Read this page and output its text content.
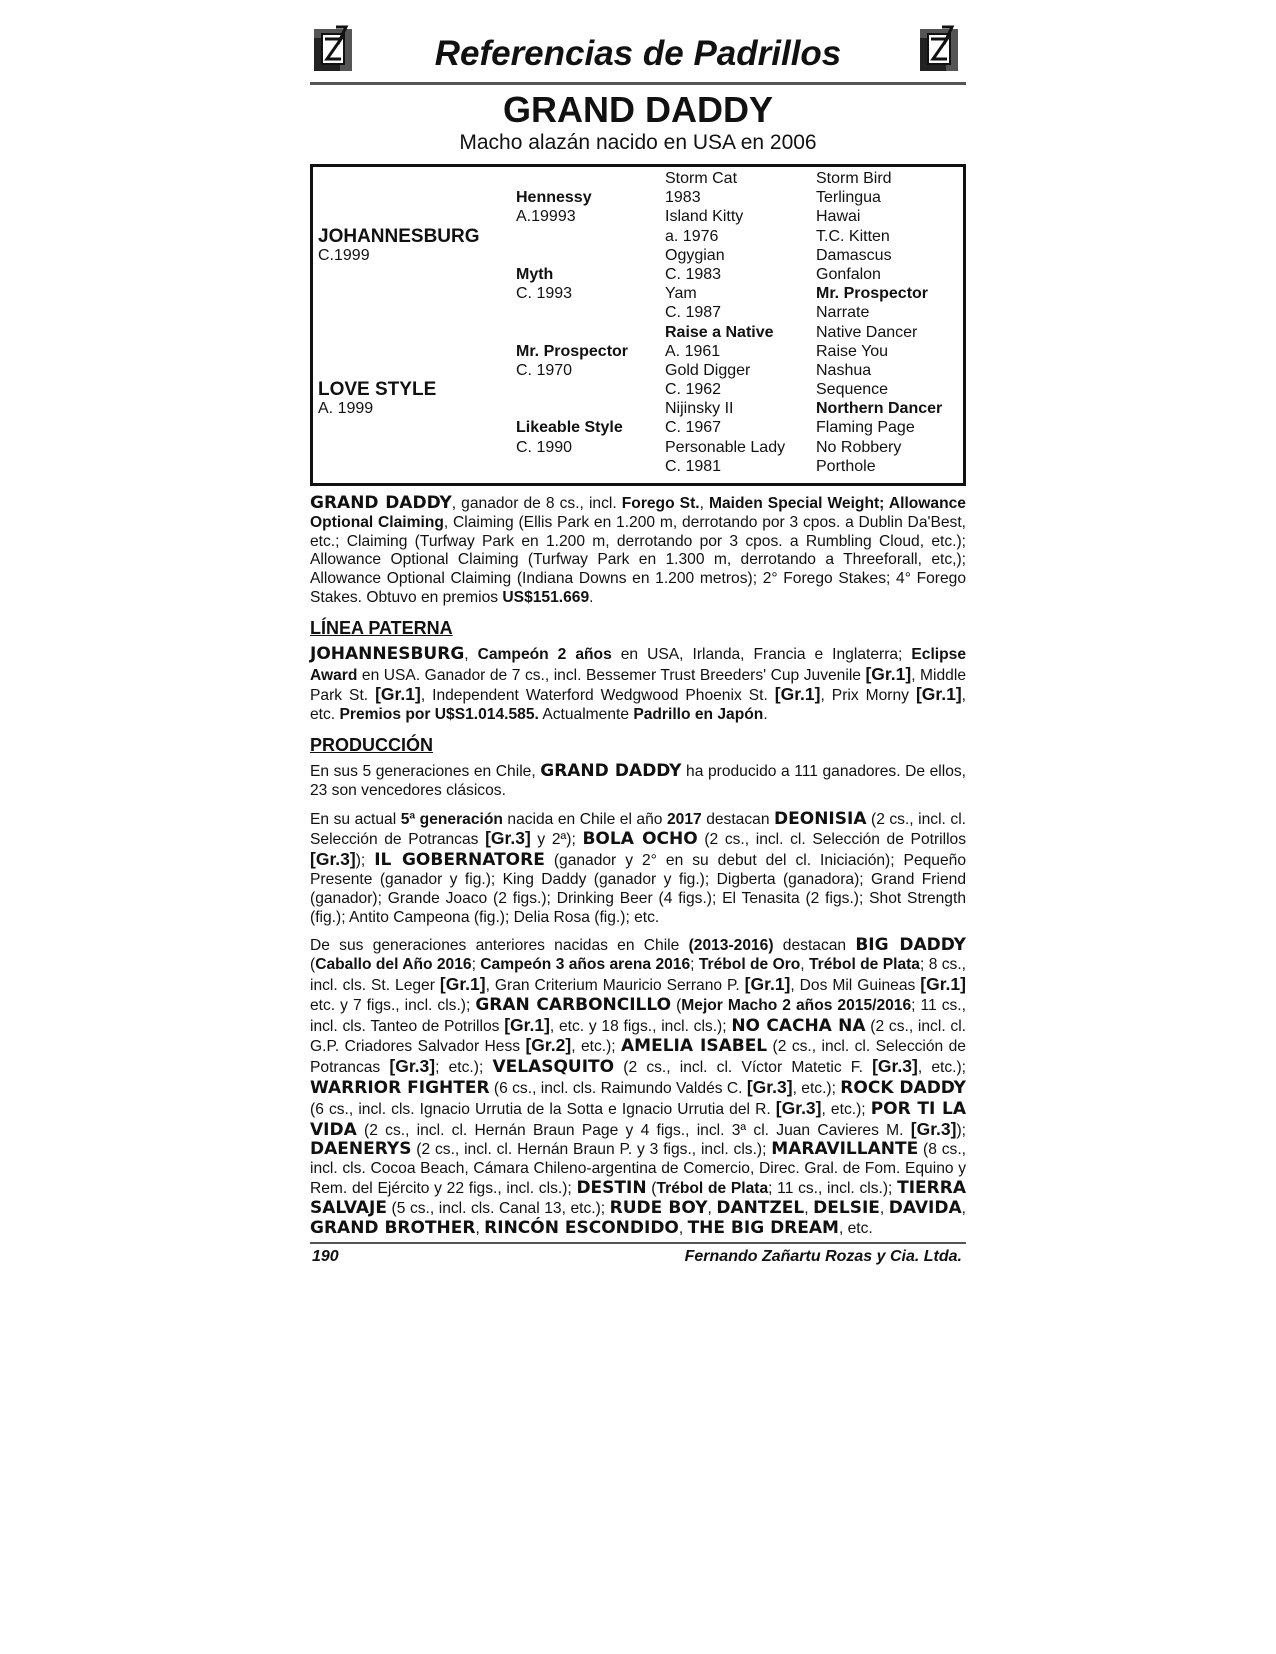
Referencias de Padrillos
GRAND DADDY
Macho alazán nacido en USA en 2006
JOHANNESBURG
C.1999
LOVE STYLE
A. 1999
Hennessy
A.19993
Myth
C. 1993
Mr. Prospector
C. 1970
Likeable Style
C. 1990
Storm Cat
1983
Island Kitty
a. 1976
Ogygian
C. 1983
Yam
C. 1987
Raise a Native
A. 1961
Gold Digger
C. 1962
Nijinsky II
C. 1967
Personable Lady
C. 1981
Storm Bird
Terlingua
Hawai
T.C. Kitten
Damascus
Gonfalon
Mr. Prospector
Narrate
Native Dancer
Raise You
Nashua
Sequence
Northern Dancer
Flaming Page
No Robbery
Porthole

GRAND DADDY, ganador de 8 cs., incl. Forego St., Maiden Special Weight; Allowance Optional Claiming, Claiming (Ellis Park en 1.200 m, derrotando por 3 cpos. a Dublin Da'Best, etc.; Claiming (Turfway Park en 1.200 m, derrotando por 3 cpos. a Rumbling Cloud, etc.); Allowance Optional Claiming (Turfway Park en 1.300 m, derrotando a Threeforall, etc,); Allowance Optional Claiming (Indiana Downs en 1.200 metros); 2° Forego Stakes; 4° Forego Stakes. Obtuvo en premios US$151.669.

LÍNEA PATERNA

JOHANNESBURG, Campeón 2 años en USA, Irlanda, Francia e Inglaterra; Eclipse Award en USA. Ganador de 7 cs., incl. Bessemer Trust Breeders' Cup Juvenile [Gr.1], Middle Park St. [Gr.1], Independent Waterford Wedgwood Phoenix St. [Gr.1], Prix Morny [Gr.1], etc. Premios por U$S1.014.585. Actualmente Padrillo en Japón.

PRODUCCIÓN

En sus 5 generaciones en Chile, GRAND DADDY ha producido a 111 ganadores. De ellos, 23 son vencedores clásicos.

En su actual 5ª generación nacida en Chile el año 2017 destacan DEONISIA (2 cs., incl. cl. Selección de Potrancas [Gr.3] y 2ª); BOLA OCHO (2 cs., incl. cl. Selección de Potrillos [Gr.3]); IL GOBERNATORE (ganador y 2° en su debut del cl. Iniciación); Pequeño Presente (ganador y fig.); King Daddy (ganador y fig.); Digberta (ganadora); Grand Friend (ganador); Grande Joaco (2 figs.); Drinking Beer (4 figs.); El Tenasita (2 figs.); Shot Strength (fig.); Antito Campeona (fig.); Delia Rosa (fig.); etc.

De sus generaciones anteriores nacidas en Chile (2013-2016) destacan BIG DADDY (Caballo del Año 2016; Campeón 3 años arena 2016; Trébol de Oro, Trébol de Plata; 8 cs., incl. cls. St. Leger [Gr.1], Gran Criterium Mauricio Serrano P. [Gr.1], Dos Mil Guineas [Gr.1] etc. y 7 figs., incl. cls.); GRAN CARBONCILLO (Mejor Macho 2 años 2015/2016; 11 cs., incl. cls. Tanteo de Potrillos [Gr.1], etc. y 18 figs., incl. cls.); NO CACHA NA (2 cs., incl. cl. G.P. Criadores Salvador Hess [Gr.2], etc.); AMELIA ISABEL (2 cs., incl. cl. Selección de Potrancas [Gr.3]; etc.); VELASQUITO (2 cs., incl. cl. Víctor Matetic F. [Gr.3], etc.); WARRIOR FIGHTER (6 cs., incl. cls. Raimundo Valdés C. [Gr.3], etc.); ROCK DADDY (6 cs., incl. cls. Ignacio Urrutia de la Sotta e Ignacio Urrutia del R. [Gr.3], etc.); POR TI LA VIDA (2 cs., incl. cl. Hernán Braun Page y 4 figs., incl. 3ª cl. Juan Cavieres M. [Gr.3]); DAENERYS (2 cs., incl. cl. Hernán Braun P. y 3 figs., incl. cls.); MARAVILLANTE (8 cs., incl. cls. Cocoa Beach, Cámara Chileno-argentina de Comercio, Direc. Gral. de Fom. Equino y Rem. del Ejército y 22 figs., incl. cls.); DESTIN (Trébol de Plata; 11 cs., incl. cls.); TIERRA SALVAJE (5 cs., incl. cls. Canal 13, etc.); RUDE BOY, DANTZEL, DELSIE, DAVIDA, GRAND BROTHER, RINCÓN ESCONDIDO, THE BIG DREAM, etc.

190	Fernando Zañartu Rozas y Cia. Ltda.
